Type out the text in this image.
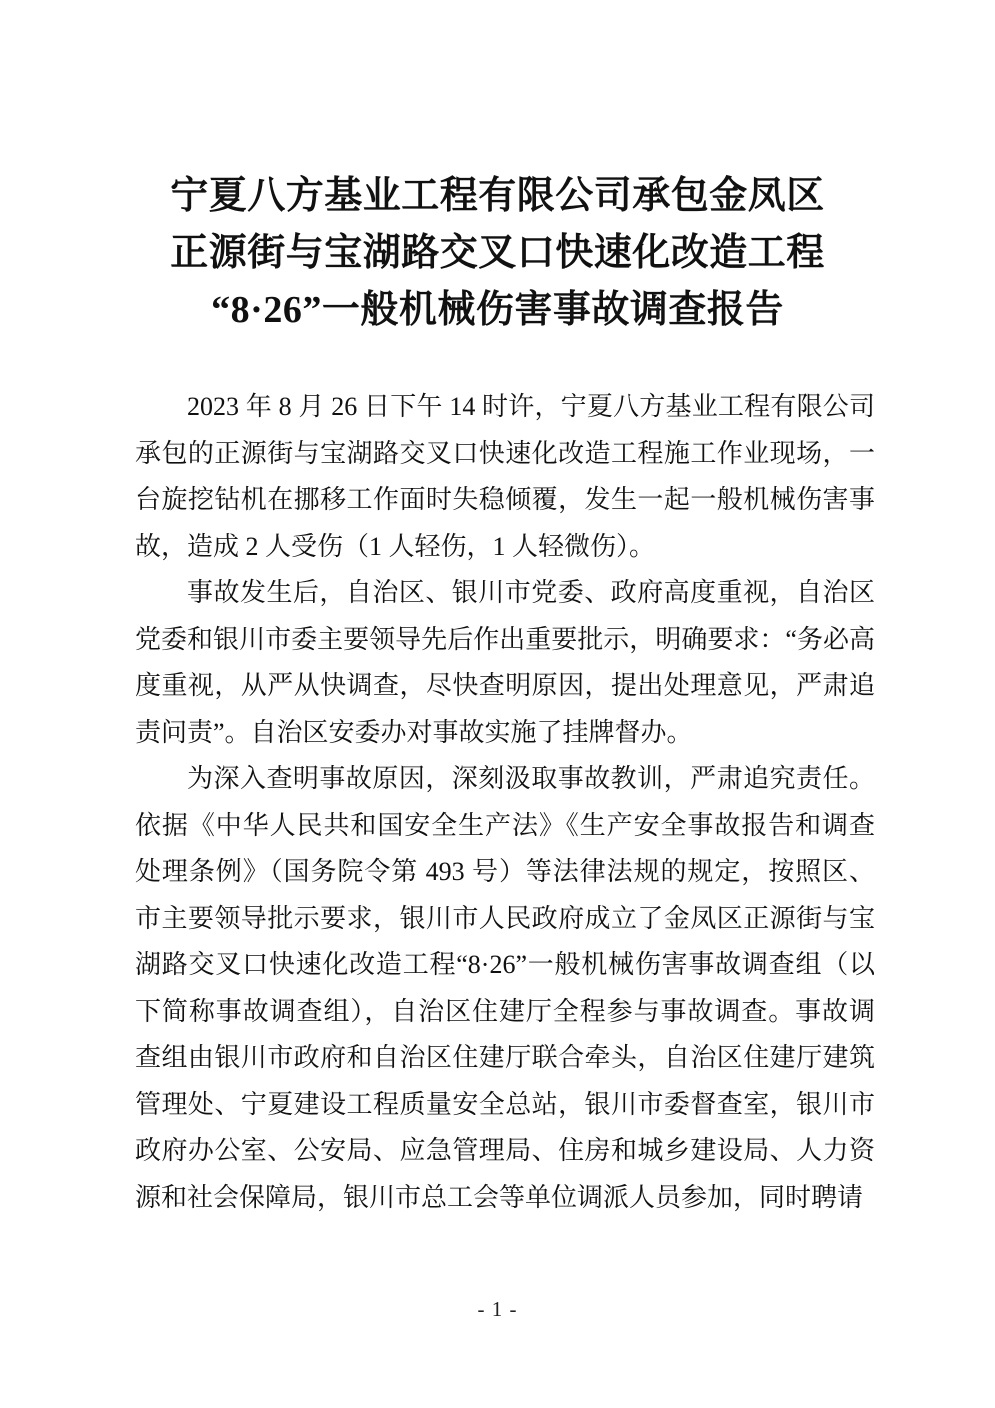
宁夏八方基业工程有限公司承包金凤区
正源街与宝湖路交叉口快速化改造工程
“8·26”一般机械伤害事故调查报告

2023 年 8 月 26 日下午 14 时许，宁夏八方基业工程有限公司承包的正源街与宝湖路交叉口快速化改造工程施工作业现场，一台旋挖钻机在挪移工作面时失稳倾覆，发生一起一般机械伤害事故，造成 2 人受伤（1 人轻伤，1 人轻微伤）。

事故发生后，自治区、银川市党委、政府高度重视，自治区党委和银川市委主要领导先后作出重要批示，明确要求：“务必高度重视，从严从快调查，尽快查明原因，提出处理意见，严肃追责问责”。自治区安委办对事故实施了挂牌督办。

为深入查明事故原因，深刻汲取事故教训，严肃追究责任。依据《中华人民共和国安全生产法》《生产安全事故报告和调查处理条例》（国务院令第 493 号）等法律法规的规定，按照区、市主要领导批示要求，银川市人民政府成立了金凤区正源街与宝湖路交叉口快速化改造工程“8·26”一般机械伤害事故调查组（以下简称事故调查组），自治区住建厅全程参与事故调查。事故调查组由银川市政府和自治区住建厅联合牵头，自治区住建厅建筑管理处、宁夏建设工程质量安全总站，银川市委督查室，银川市政府办公室、公安局、应急管理局、住房和城乡建设局、人力资源和社会保障局，银川市总工会等单位调派人员参加，同时聘请

- 1 -
